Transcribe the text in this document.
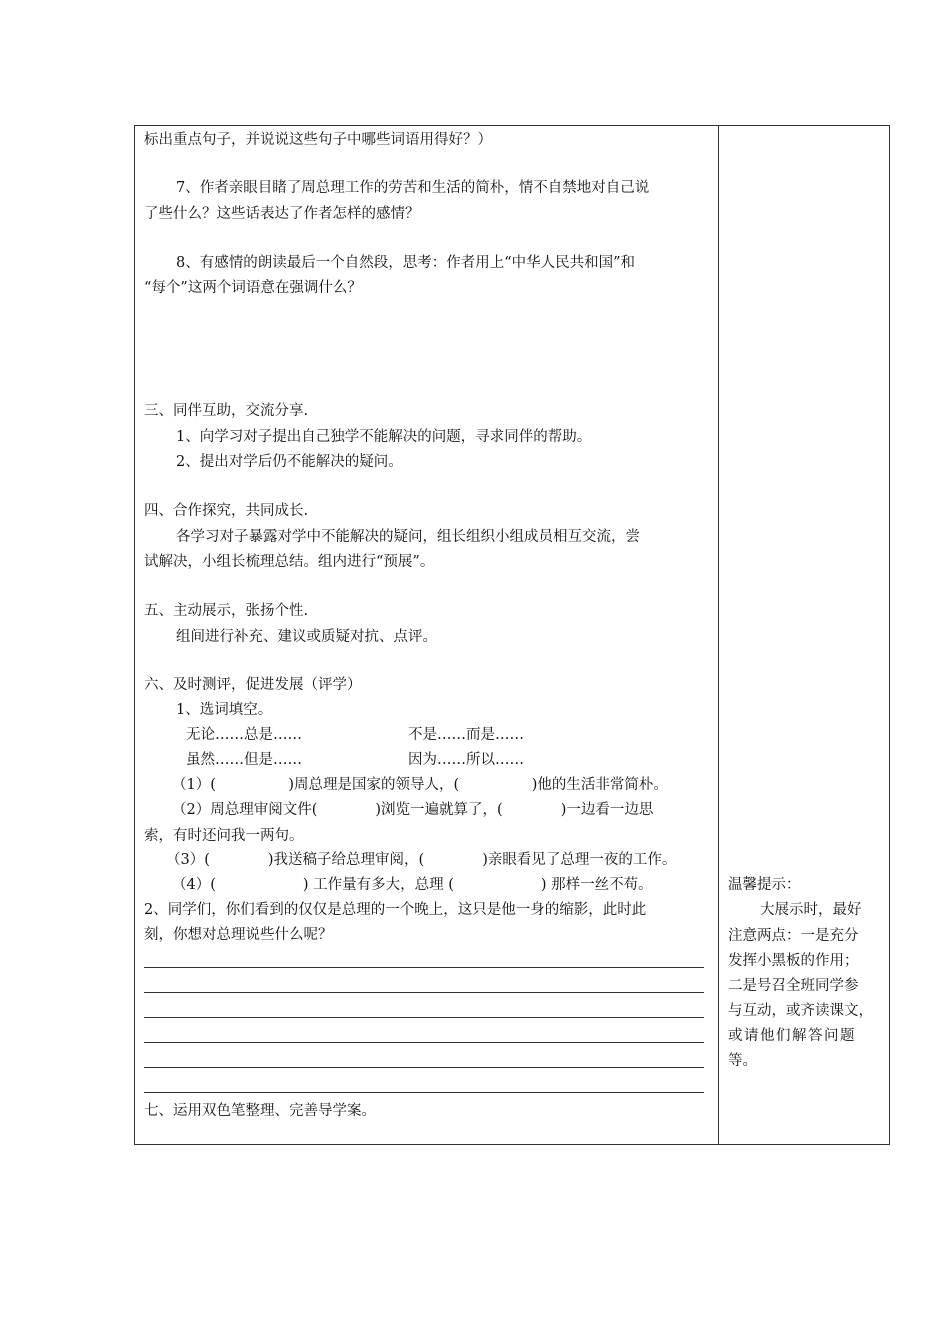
标出重点句子，并说说这些句子中哪些词语用得好？）
7、作者亲眼目睹了周总理工作的劳苦和生活的简朴，情不自禁地对自己说
了些什么？这些话表达了作者怎样的感情？
8、有感情的朗读最后一个自然段，思考：作者用上“中华人民共和国”和
“每个”这两个词语意在强调什么？
三、同伴互助，交流分享.
1、向学习对子提出自己独学不能解决的问题，寻求同伴的帮助。
2、提出对学后仍不能解决的疑问。
四、合作探究，共同成长.
各学习对子暴露对学中不能解决的疑问，组长组织小组成员相互交流，尝
试解决，小组长梳理总结。组内进行“预展”。
五、主动展示，张扬个性.
组间进行补充、建议或质疑对抗、点评。
六、及时测评，促进发展（评学）
1、选词填空。
无论……总是……	不是……而是……
虽然……但是……	因为……所以……
（1）(　　　　　)周总理是国家的领导人，(　　　　　)他的生活非常简朴。
（2）周总理审阅文件(　　　　)浏览一遍就算了，(　　　　)一边看一边思
索，有时还问我一两句。
（3）(　　　　)我送稿子给总理审阅，(　　　　)亲眼看见了总理一夜的工作。
（4）(　　　　　　) 工作量有多大，总理 (　　　　　　) 那样一丝不苟。
2、同学们，你们看到的仅仅是总理的一个晚上，这只是他一身的缩影，此时此
刻，你想对总理说些什么呢？
七、运用双色笔整理、完善导学案。
温馨提示：
大展示时，最好
注意两点：一是充分
发挥小黑板的作用；
二是号召全班同学参
与互动，或齐读课文，
或请他们解答问题
等。
